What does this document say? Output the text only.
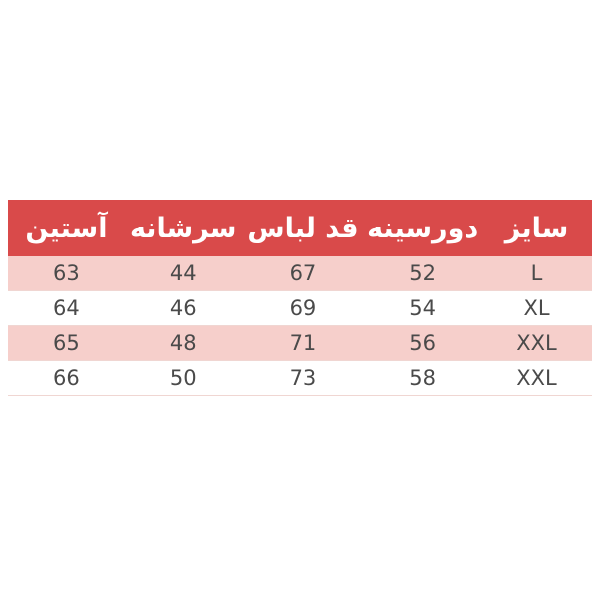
سایز	دورسینه	قد لباس	سرشانه	آستین
L	52	67	44	63
XL	54	69	46	64
XXL	56	71	48	65
XXL	58	73	50	66
